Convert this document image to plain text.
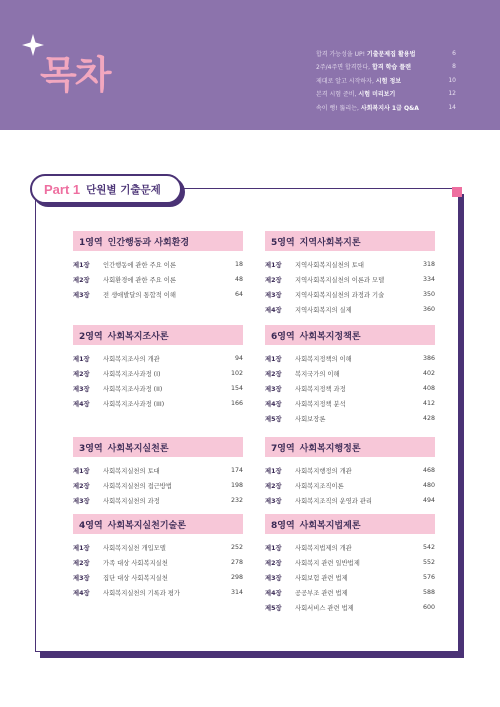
목차	합격 가능성을 UP! 기출문제집 활용법	6
2주/4주면 합격한다, 합격 학습 플랜	8
제대로 알고 시작하자, 시험 정보	10
본격 시험 준비, 시험 미리보기	12
속이 뻥! 뚫리는, 사회복지사 1급 Q&A	14
Part 1 단원별 기출문제
1영역 인간행동과 사회환경
제1장	인간행동에 관한 주요 이론	18
제2장	사회환경에 관한 주요 이론	48
제3장	전 생애발달의 통합적 이해	64
2영역 사회복지조사론
제1장	사회복지조사의 개관	94
제2장	사회복지조사과정 (I)	102
제3장	사회복지조사과정 (II)	154
제4장	사회복지조사과정 (III)	166
3영역 사회복지실천론
제1장	사회복지실천의 토대	174
제2장	사회복지실천의 접근방법	198
제3장	사회복지실천의 과정	232
4영역 사회복지실천기술론
제1장	사회복지실천 개입모델	252
제2장	가족 대상 사회복지실천	278
제3장	집단 대상 사회복지실천	298
제4장	사회복지실천의 기록과 평가	314
5영역 지역사회복지론
제1장	지역사회복지실천의 토대	318
제2장	지역사회복지실천의 이론과 모델	334
제3장	지역사회복지실천의 과정과 기술	350
제4장	지역사회복지의 실제	360
6영역 사회복지정책론
제1장	사회복지정책의 이해	386
제2장	복지국가의 이해	402
제3장	사회복지정책 과정	408
제4장	사회복지정책 분석	412
제5장	사회보장론	428
7영역 사회복지행정론
제1장	사회복지행정의 개관	468
제2장	사회복지조직이론	480
제3장	사회복지조직의 운영과 관리	494
8영역 사회복지법제론
제1장	사회복지법제의 개관	542
제2장	사회복지 관련 일반법제	552
제3장	사회보험 관련 법제	576
제4장	공공부조 관련 법제	588
제5장	사회서비스 관련 법제	600
